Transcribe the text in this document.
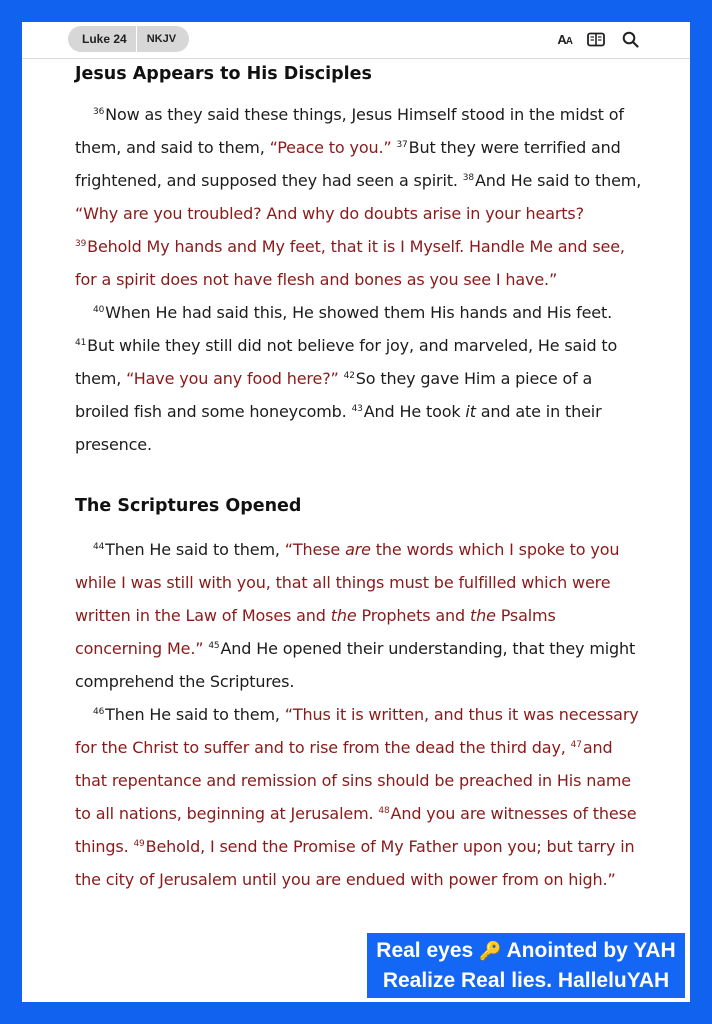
Luke 24	NKJV	AA
Jesus Appears to His Disciples

$^{36}$Now as they said these things, Jesus Himself stood in the midst of them, and said to them, “Peace to you.” $^{37}$But they were terrified and frightened, and supposed they had seen a spirit. $^{38}$And He said to them, “Why are you troubled? And why do doubts arise in your hearts? $^{39}$Behold My hands and My feet, that it is I Myself. Handle Me and see, for a spirit does not have flesh and bones as you see I have.”

$^{40}$When He had said this, He showed them His hands and His feet. $^{41}$But while they still did not believe for joy, and marveled, He said to them, “Have you any food here?” $^{42}$So they gave Him a piece of a broiled fish and some honeycomb. $^{43}$And He took it and ate in their presence.

The Scriptures Opened

$^{44}$Then He said to them, “These are the words which I spoke to you while I was still with you, that all things must be fulfilled which were written in the Law of Moses and the Prophets and the Psalms concerning Me.” $^{45}$And He opened their understanding, that they might comprehend the Scriptures.

$^{46}$Then He said to them, “Thus it is written, and thus it was necessary for the Christ to suffer and to rise from the dead the third day, $^{47}$and that repentance and remission of sins should be preached in His name to all nations, beginning at Jerusalem. $^{48}$And you are witnesses of these things. $^{49}$Behold, I send the Promise of My Father upon you; but tarry in the city of Jerusalem until you are endued with power from on high.”

Real eyes 🔑 Anointed by YAH
Realize Real lies. HalleluYAH
